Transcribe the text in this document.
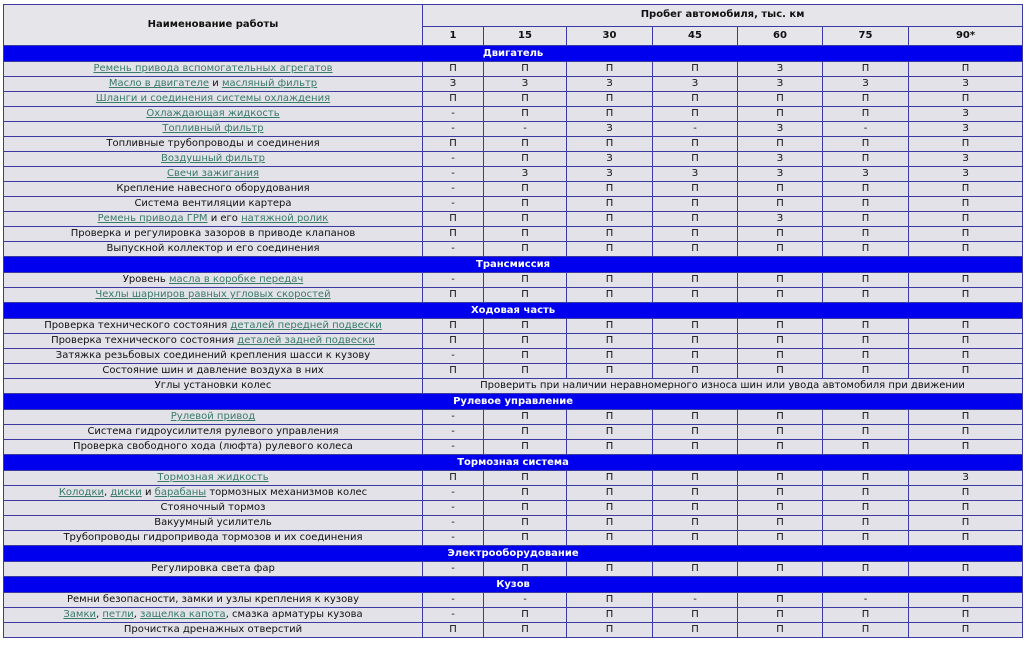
Наименование работы	Пробег автомобиля, тыс. км						
	1	15	30	45	60	75	90*
Двигатель							
Ремень привода вспомогательных агрегатов	П	П	П	П	З	П	П
Масло в двигателе и масляный фильтр	З	З	З	З	З	З	З
Шланги и соединения системы охлаждения	П	П	П	П	П	П	П
Охлаждающая жидкость	-	П	П	П	П	П	З
Топливный фильтр	-	-	З	-	З	-	З
Топливные трубопроводы и соединения	П	П	П	П	П	П	П
Воздушный фильтр	-	П	З	П	З	П	З
Свечи зажигания	-	З	З	З	З	З	З
Крепление навесного оборудования	-	П	П	П	П	П	П
Система вентиляции картера	-	П	П	П	П	П	П
Ремень привода ГРМ и его натяжной ролик	П	П	П	П	З	П	П
Проверка и регулировка зазоров в приводе клапанов	П	П	П	П	П	П	П
Выпускной коллектор и его соединения	-	П	П	П	П	П	П
Трансмиссия							
Уровень масла в коробке передач	-	П	П	П	П	П	П
Чехлы шарниров равных угловых скоростей	П	П	П	П	П	П	П
Ходовая часть							
Проверка технического состояния деталей передней подвески	П	П	П	П	П	П	П
Проверка технического состояния деталей задней подвески	П	П	П	П	П	П	П
Затяжка резьбовых соединений крепления шасси к кузову	-	П	П	П	П	П	П
Состояние шин и давление воздуха в них	П	П	П	П	П	П	П
Углы установки колес	Проверить при наличии неравномерного износа шин или увода автомобиля при движении						
Рулевое управление							
Рулевой привод	-	П	П	П	П	П	П
Система гидроусилителя рулевого управления	-	П	П	П	П	П	П
Проверка свободного хода (люфта) рулевого колеса	-	П	П	П	П	П	П
Тормозная система							
Тормозная жидкость	П	П	П	П	П	П	З
Колодки, диски и барабаны тормозных механизмов колес	-	П	П	П	П	П	П
Стояночный тормоз	-	П	П	П	П	П	П
Вакуумный усилитель	-	П	П	П	П	П	П
Трубопроводы гидропривода тормозов и их соединения	-	П	П	П	П	П	П
Электрооборудование							
Регулировка света фар	-	П	П	П	П	П	П
Кузов							
Ремни безопасности, замки и узлы крепления к кузову	-	-	П	-	П	-	П
Замки, петли, защелка капота, смазка арматуры кузова	-	П	П	П	П	П	П
Прочистка дренажных отверстий	П	П	П	П	П	П	П
